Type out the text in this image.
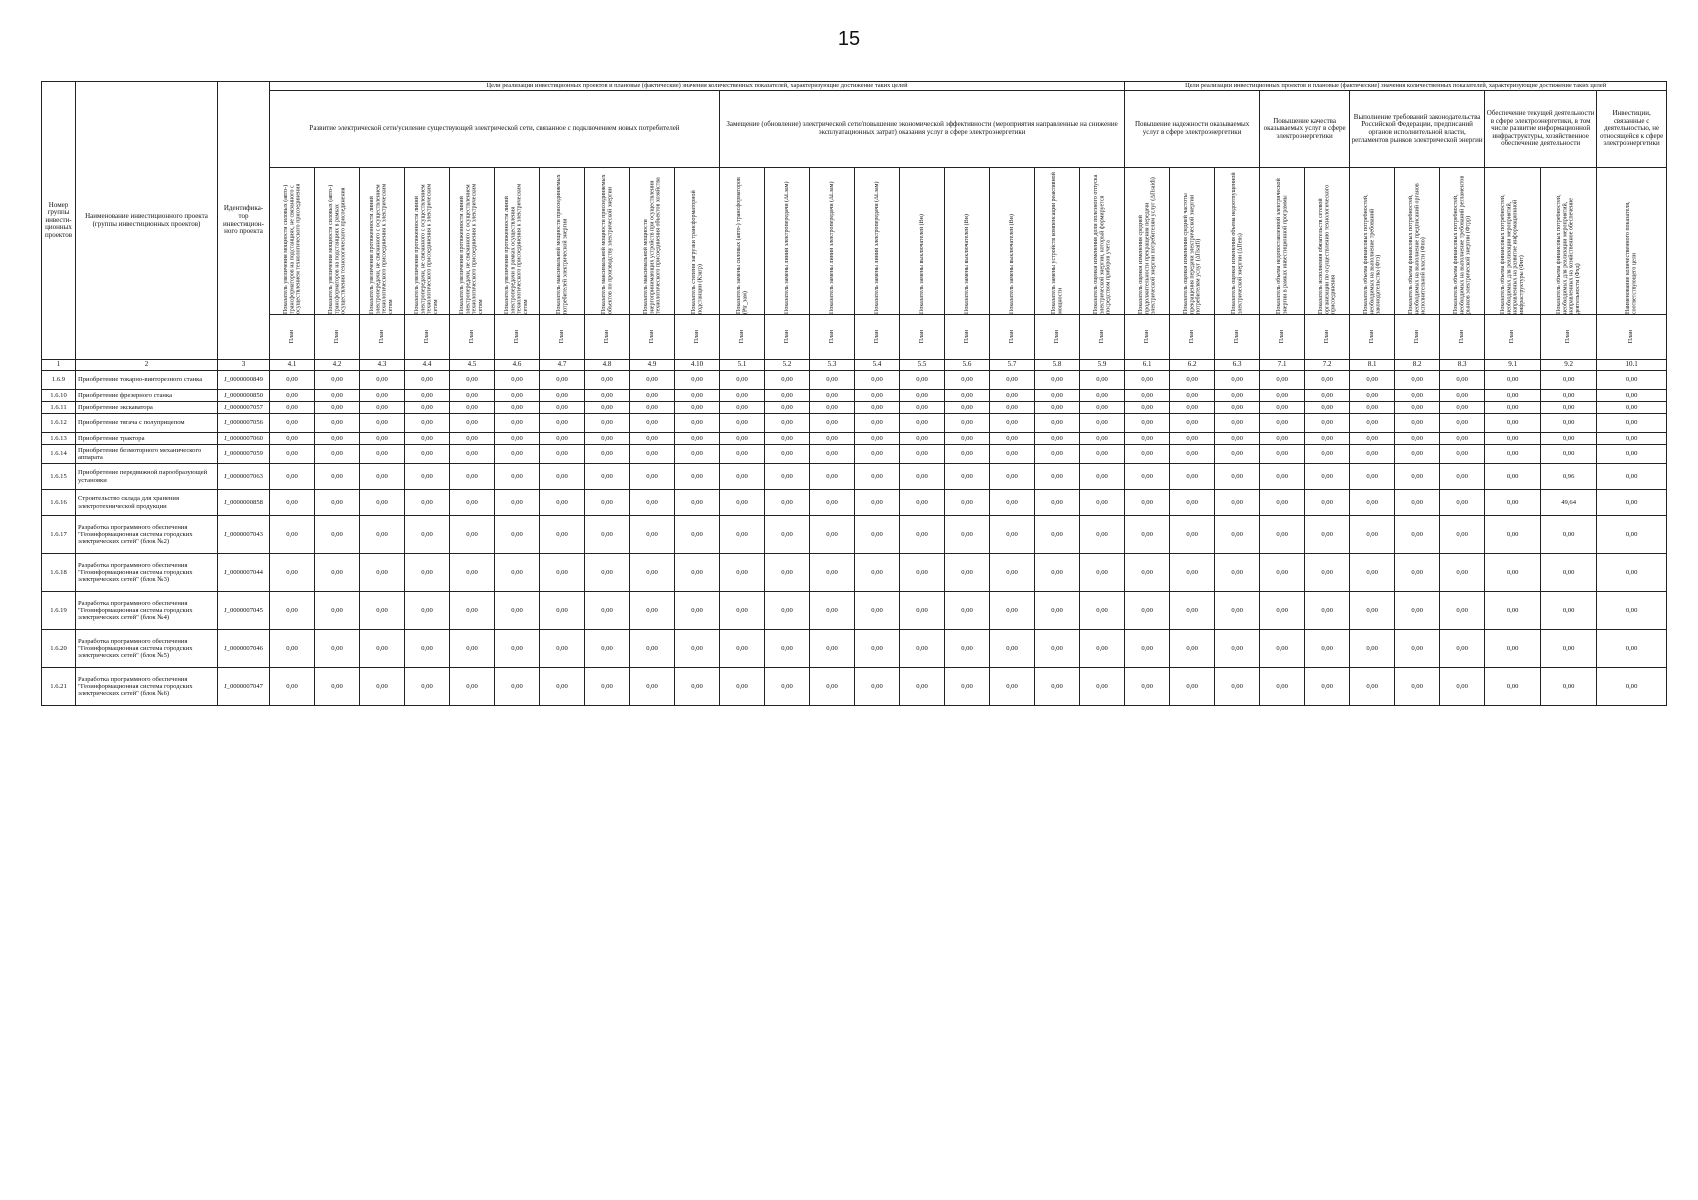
15
Номер группы инвести-ционных проектов	Наименование инвестиционного проекта (группы инвестиционных проектов)	Идентифика-тор инвестицион-ного проекта	Цели реализации инвестиционных проектов и плановые (фактические) значения количественных показателей, характеризующие достижение таких целей																			Цели реализации инвестиционных проектов и плановые (фактические) значения количественных показателей, характеризующие достижение таких целей										
			Развитие электрической сети/усиление существующей электрической сети, связанное с подключением новых потребителей										Замещение (обновление) электрической сети/повышение экономической эффективности (мероприятия направленные на снижение эксплуатационных затрат) оказания услуг в сфере электроэнергетики									Повышение надежности оказываемых услуг в сфере электроэнергетики			Повышение качества оказываемых услуг в сфере электроэнергетики		Выполнение требований законодательства Российской Федерации, предписаний органов исполнительной власти, регламентов рынков электрической энергии			Обеспечение текущей деятельности в сфере электроэнергетики, в том числе развитие информационной инфраструктуры, хозяйственное обеспечение деятельности		Инвестиции, связанные с деятельностью, не относящейся к сфере электроэнергетики

			Показатель увеличения мощности силовых (авто-) трансформаторов на подстанциях, не связанного с осуществлением технологического присоединения	Показатель увеличения мощности силовых (авто-) трансформаторов на подстанциях в рамках осуществления технологического присоединения	Показатель увеличения протяженности линий электропередачи, не связанного с осуществлением технологического присоединения к электрическим сетям	Показатель увеличения протяженности линий электропередачи, не связанного с осуществлением технологического присоединения к электрическим сетям	Показатель увеличения протяженности линий электропередачи, не связанного с осуществлением технологического присоединения к электрическим сетям	Показатель увеличения протяженности линий электропередачи в рамках осуществления технологического присоединения к электрическим сетям	Показатель максимальной мощности присоединяемых потребителей электрической энергии	Показатель максимальной мощности присоединяемых объектов по производству электрической энергии	Показатель максимальной мощности энергопринимающих устройств при осуществлении технологического присоединения объектов хозяйства	Показатель степени загрузки трансформаторной подстанции (Кзагр)	Показатель замены силовых (авто-) трансформаторов (Ptr_зам)	Показатель замены линий электропередачи (ΔLзам)	Показатель замены линий электропередачи (ΔLзам)	Показатель замены линий электропередачи (ΔLзам)	Показатель замены выключателей (Вн)	Показатель замены выключателей (Вн)	Показатель замены выключателей (Вн)	Показатель замены устройств компенсации реактивной мощности	Показатель оценки изменения доли полезного отпуска электрической энергии, который формируется посредством приборов учета	Показатель оценки изменения средней продолжительности прекращения передачи электрической энергии потребителям услуг (ΔПsaidi)	Показатель оценки изменения средней частоты прекращения передачи электрической энергии потребителям услуг (ΔПsaifi)	Показатель оценки изменения объема недоотпущенной электрической энергии (ΔПens)	Показатель объема недопоставленной электрической энергии в рамках инвестиционной программы	Показатель исполнения обязательств сетевой организации по осуществлению технологического присоединения	Показатель объема финансовых потребностей, необходимых на выполнение требований законодательства (Фтз)	Показатель объема финансовых потребностей, необходимых на выполнение предписаний органов исполнительной власти (Фпо)	Показатель объема финансовых потребностей, необходимых на выполнение требований регламентов рынков электрической энергии (Фтрр)	Показатель объема финансовых потребностей, необходимых для реализации мероприятий, направленных на развитие информационной инфраструктуры (Фит)	Показатель объема финансовых потребностей, необходимых для реализации мероприятий, направленных на хозяйственное обеспечение деятельности (Фхд)	Наименование количественного показателя, соответствующего цели

			План	План	План	План	План	План	План	План	План	План	План	План	План	План	План	План	План	План	План	План	План	План	План	План	План	План	План	План	План	План

1	2	3	4.1	4.2	4.3	4.4	4.5	4.6	4.7	4.8	4.9	4.10	5.1	5.2	5.3	5.4	5.5	5.6	5.7	5.8	5.9	6.1	6.2	6.3	7.1	7.2	8.1	8.2	8.3	9.1	9.2	10.1
1.6.9	Приобретение токарно-винторезного станка	J_0000000849	0,00	0,00	0,00	0,00	0,00	0,00	0,00	0,00	0,00	0,00	0,00	0,00	0,00	0,00	0,00	0,00	0,00	0,00	0,00	0,00	0,00	0,00	0,00	0,00	0,00	0,00	0,00	0,00	0,00	0,00
1.6.10	Приобретение фрезерного станка	J_0000000850	0,00	0,00	0,00	0,00	0,00	0,00	0,00	0,00	0,00	0,00	0,00	0,00	0,00	0,00	0,00	0,00	0,00	0,00	0,00	0,00	0,00	0,00	0,00	0,00	0,00	0,00	0,00	0,00	0,00	0,00
1.6.11	Приобретение экскаватора	J_0000007057	0,00	0,00	0,00	0,00	0,00	0,00	0,00	0,00	0,00	0,00	0,00	0,00	0,00	0,00	0,00	0,00	0,00	0,00	0,00	0,00	0,00	0,00	0,00	0,00	0,00	0,00	0,00	0,00	0,00	0,00
1.6.12	Приобретение тягача с полуприцепом	J_0000007056	0,00	0,00	0,00	0,00	0,00	0,00	0,00	0,00	0,00	0,00	0,00	0,00	0,00	0,00	0,00	0,00	0,00	0,00	0,00	0,00	0,00	0,00	0,00	0,00	0,00	0,00	0,00	0,00	0,00	0,00
1.6.13	Приобретение трактора	J_0000007060	0,00	0,00	0,00	0,00	0,00	0,00	0,00	0,00	0,00	0,00	0,00	0,00	0,00	0,00	0,00	0,00	0,00	0,00	0,00	0,00	0,00	0,00	0,00	0,00	0,00	0,00	0,00	0,00	0,00	0,00
1.6.14	Приобретение безмоторного механического аппарата	J_0000007059	0,00	0,00	0,00	0,00	0,00	0,00	0,00	0,00	0,00	0,00	0,00	0,00	0,00	0,00	0,00	0,00	0,00	0,00	0,00	0,00	0,00	0,00	0,00	0,00	0,00	0,00	0,00	0,00	0,00	0,00
1.6.15	Приобретение передвижной парообразующей установки	J_0000007063	0,00	0,00	0,00	0,00	0,00	0,00	0,00	0,00	0,00	0,00	0,00	0,00	0,00	0,00	0,00	0,00	0,00	0,00	0,00	0,00	0,00	0,00	0,00	0,00	0,00	0,00	0,00	0,00	0,96	0,00
1.6.16	Строительство склада для хранения электротехнической продукции	J_0000000858	0,00	0,00	0,00	0,00	0,00	0,00	0,00	0,00	0,00	0,00	0,00	0,00	0,00	0,00	0,00	0,00	0,00	0,00	0,00	0,00	0,00	0,00	0,00	0,00	0,00	0,00	0,00	0,00	49,64	0,00
1.6.17	Разработка программного обеспечения "Геоинформационная система городских электрических сетей" (блок №2)	J_0000007043	0,00	0,00	0,00	0,00	0,00	0,00	0,00	0,00	0,00	0,00	0,00	0,00	0,00	0,00	0,00	0,00	0,00	0,00	0,00	0,00	0,00	0,00	0,00	0,00	0,00	0,00	0,00	0,00	0,00	0,00
1.6.18	Разработка программного обеспечения "Геоинформационная система городских электрических сетей" (блок №3)	J_0000007044	0,00	0,00	0,00	0,00	0,00	0,00	0,00	0,00	0,00	0,00	0,00	0,00	0,00	0,00	0,00	0,00	0,00	0,00	0,00	0,00	0,00	0,00	0,00	0,00	0,00	0,00	0,00	0,00	0,00	0,00
1.6.19	Разработка программного обеспечения "Геоинформационная система городских электрических сетей" (блок №4)	J_0000007045	0,00	0,00	0,00	0,00	0,00	0,00	0,00	0,00	0,00	0,00	0,00	0,00	0,00	0,00	0,00	0,00	0,00	0,00	0,00	0,00	0,00	0,00	0,00	0,00	0,00	0,00	0,00	0,00	0,00	0,00
1.6.20	Разработка программного обеспечения "Геоинформационная система городских электрических сетей" (блок №5)	J_0000007046	0,00	0,00	0,00	0,00	0,00	0,00	0,00	0,00	0,00	0,00	0,00	0,00	0,00	0,00	0,00	0,00	0,00	0,00	0,00	0,00	0,00	0,00	0,00	0,00	0,00	0,00	0,00	0,00	0,00	0,00
1.6.21	Разработка программного обеспечения "Геоинформационная система городских электрических сетей" (блок №6)	J_0000007047	0,00	0,00	0,00	0,00	0,00	0,00	0,00	0,00	0,00	0,00	0,00	0,00	0,00	0,00	0,00	0,00	0,00	0,00	0,00	0,00	0,00	0,00	0,00	0,00	0,00	0,00	0,00	0,00	0,00	0,00
